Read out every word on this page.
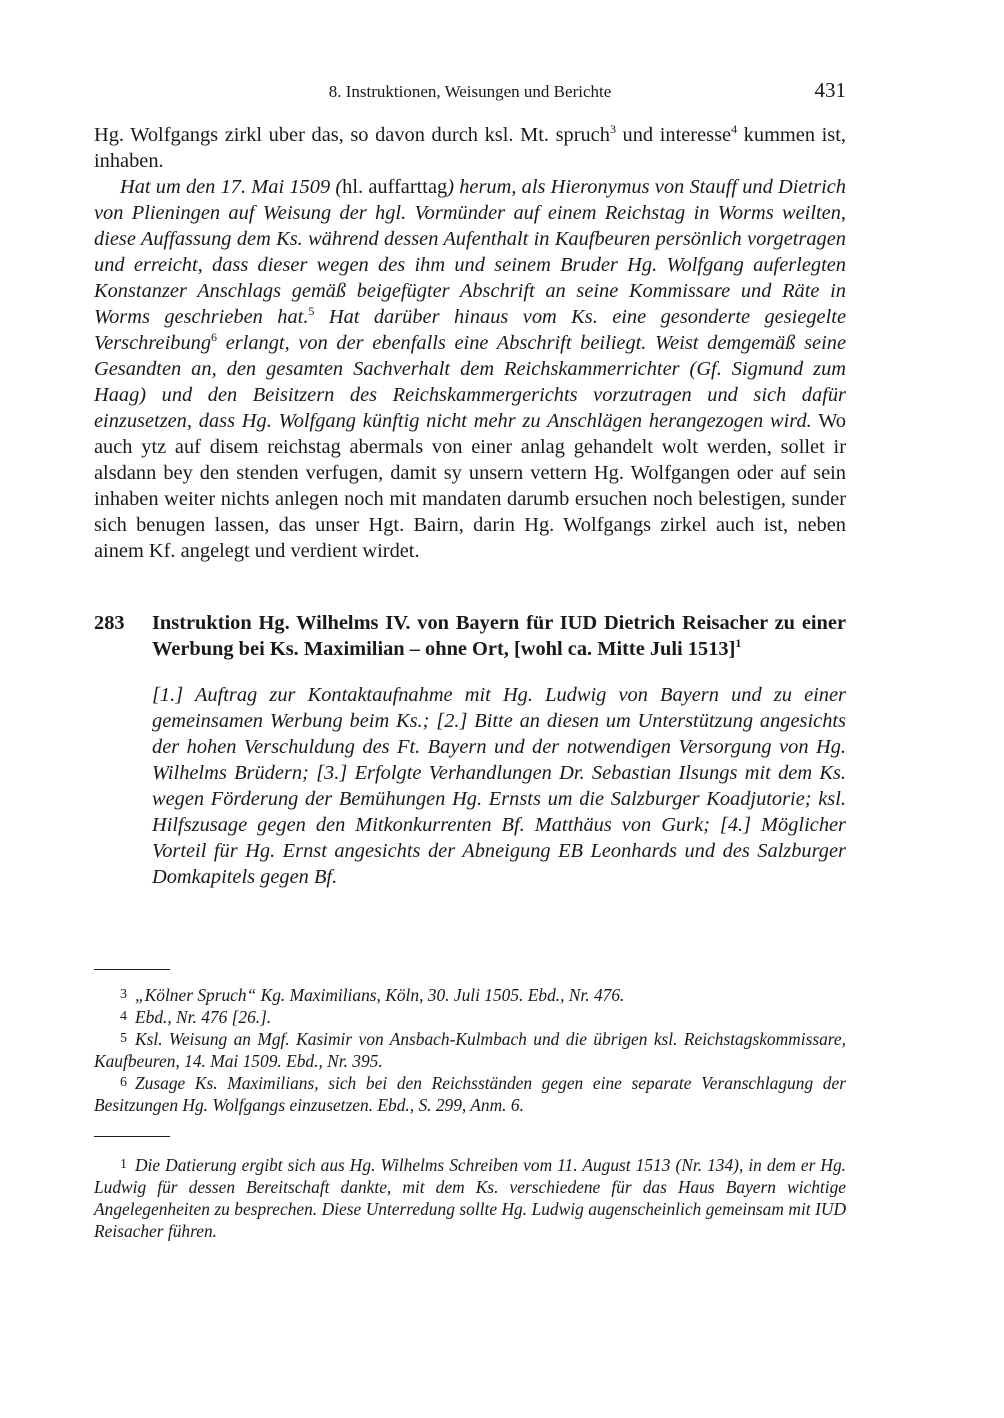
8. Instruktionen, Weisungen und Berichte	431

Hg. Wolfgangs zirkl uber das, so davon durch ksl. Mt. spruch$^3$ und interesse$^4$ kummen ist, inhaben.

Hat um den 17. Mai 1509 (hl. auffarttag) herum, als Hieronymus von Stauff und Dietrich von Plieningen auf Weisung der hgl. Vormünder auf einem Reichstag in Worms weilten, diese Auffassung dem Ks. während dessen Aufenthalt in Kaufbeuren persönlich vorgetragen und erreicht, dass dieser wegen des ihm und seinem Bruder Hg. Wolfgang auferlegten Konstanzer Anschlags gemäß beigefügter Abschrift an seine Kommissare und Räte in Worms geschrieben hat.$^5$ Hat darüber hinaus vom Ks. eine gesonderte gesiegelte Verschreibung$^6$ erlangt, von der ebenfalls eine Abschrift beiliegt. Weist demgemäß seine Gesandten an, den gesamten Sachverhalt dem Reichskammerrichter (Gf. Sigmund zum Haag) und den Beisitzern des Reichskammergerichts vorzutragen und sich dafür einzusetzen, dass Hg. Wolfgang künftig nicht mehr zu Anschlägen herangezogen wird. Wo auch ytz auf disem reichstag abermals von einer anlag gehandelt wolt werden, sollet ir alsdann bey den stenden verfugen, damit sy unsern vettern Hg. Wolfgangen oder auf sein inhaben weiter nichts anlegen noch mit mandaten darumb ersuchen noch belestigen, sunder sich benugen lassen, das unser Hgt. Bairn, darin Hg. Wolfgangs zirkel auch ist, neben ainem Kf. angelegt und verdient wirdet.

283	Instruktion Hg. Wilhelms IV. von Bayern für IUD Dietrich Reisacher zu einer Werbung bei Ks. Maximilian – ohne Ort, [wohl ca. Mitte Juli 1513]$^1$
[1.] Auftrag zur Kontaktaufnahme mit Hg. Ludwig von Bayern und zu einer gemeinsamen Werbung beim Ks.; [2.] Bitte an diesen um Unterstützung angesichts der hohen Verschuldung des Ft. Bayern und der notwendigen Versorgung von Hg. Wilhelms Brüdern; [3.] Erfolgte Verhandlungen Dr. Sebastian Ilsungs mit dem Ks. wegen Förderung der Bemühungen Hg. Ernsts um die Salzburger Koadjutorie; ksl. Hilfszusage gegen den Mitkonkurrenten Bf. Matthäus von Gurk; [4.] Möglicher Vorteil für Hg. Ernst angesichts der Abneigung EB Leonhards und des Salzburger Domkapitels gegen Bf.

3 „Kölner Spruch“ Kg. Maximilians, Köln, 30. Juli 1505. Ebd., Nr. 476.

4 Ebd., Nr. 476 [26.].

5 Ksl. Weisung an Mgf. Kasimir von Ansbach-Kulmbach und die übrigen ksl. Reichstagskommissare, Kaufbeuren, 14. Mai 1509. Ebd., Nr. 395.

6 Zusage Ks. Maximilians, sich bei den Reichsständen gegen eine separate Veranschlagung der Besitzungen Hg. Wolfgangs einzusetzen. Ebd., S. 299, Anm. 6.

1 Die Datierung ergibt sich aus Hg. Wilhelms Schreiben vom 11. August 1513 (Nr. 134), in dem er Hg. Ludwig für dessen Bereitschaft dankte, mit dem Ks. verschiedene für das Haus Bayern wichtige Angelegenheiten zu besprechen. Diese Unterredung sollte Hg. Ludwig augenscheinlich gemeinsam mit IUD Reisacher führen.
